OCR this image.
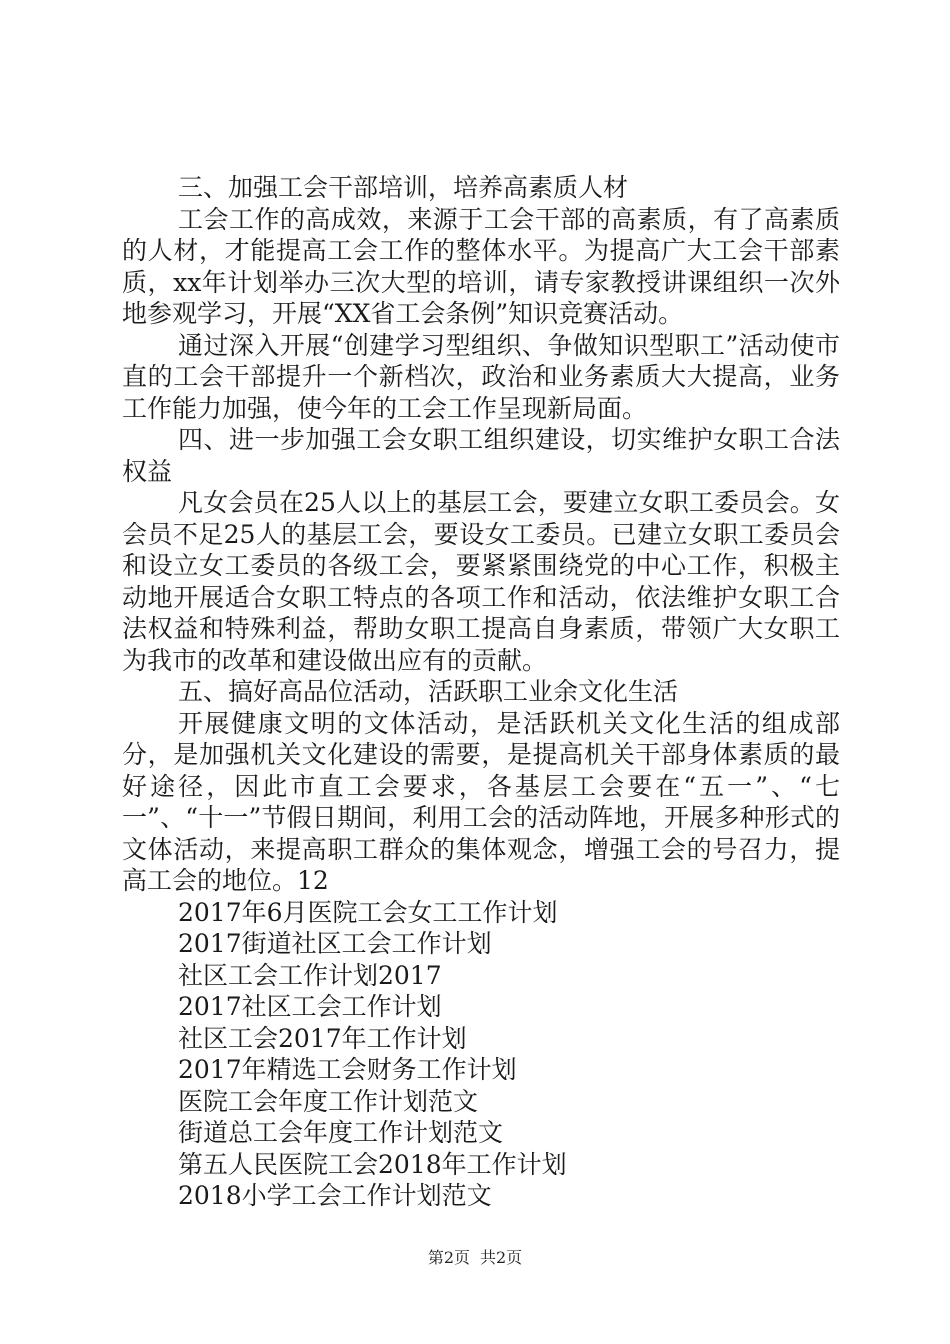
三、加强工会干部培训，培养高素质人材

工会工作的高成效，来源于工会干部的高素质，有了高素质的人材，才能提高工会工作的整体水平。为提高广大工会干部素质，xx年计划举办三次大型的培训，请专家教授讲课组织一次外地参观学习，开展“XX省工会条例”知识竞赛活动。

通过深入开展“创建学习型组织、争做知识型职工”活动使市直的工会干部提升一个新档次，政治和业务素质大大提高，业务工作能力加强，使今年的工会工作呈现新局面。

四、进一步加强工会女职工组织建设，切实维护女职工合法权益

凡女会员在25人以上的基层工会，要建立女职工委员会。女会员不足25人的基层工会，要设女工委员。已建立女职工委员会和设立女工委员的各级工会，要紧紧围绕党的中心工作，积极主动地开展适合女职工特点的各项工作和活动，依法维护女职工合法权益和特殊利益，帮助女职工提高自身素质，带领广大女职工为我市的改革和建设做出应有的贡献。

五、搞好高品位活动，活跃职工业余文化生活

开展健康文明的文体活动，是活跃机关文化生活的组成部分，是加强机关文化建设的需要，是提高机关干部身体素质的最好途径，因此市直工会要求，各基层工会要在“五一”、“七一”、“十一”节假日期间，利用工会的活动阵地，开展多种形式的文体活动，来提高职工群众的集体观念，增强工会的号召力，提高工会的地位。12

2017年6月医院工会女工工作计划
2017街道社区工会工作计划
社区工会工作计划2017
2017社区工会工作计划
社区工会2017年工作计划
2017年精选工会财务工作计划
医院工会年度工作计划范文
街道总工会年度工作计划范文
第五人民医院工会2018年工作计划
2018小学工会工作计划范文
第2页 共2页
